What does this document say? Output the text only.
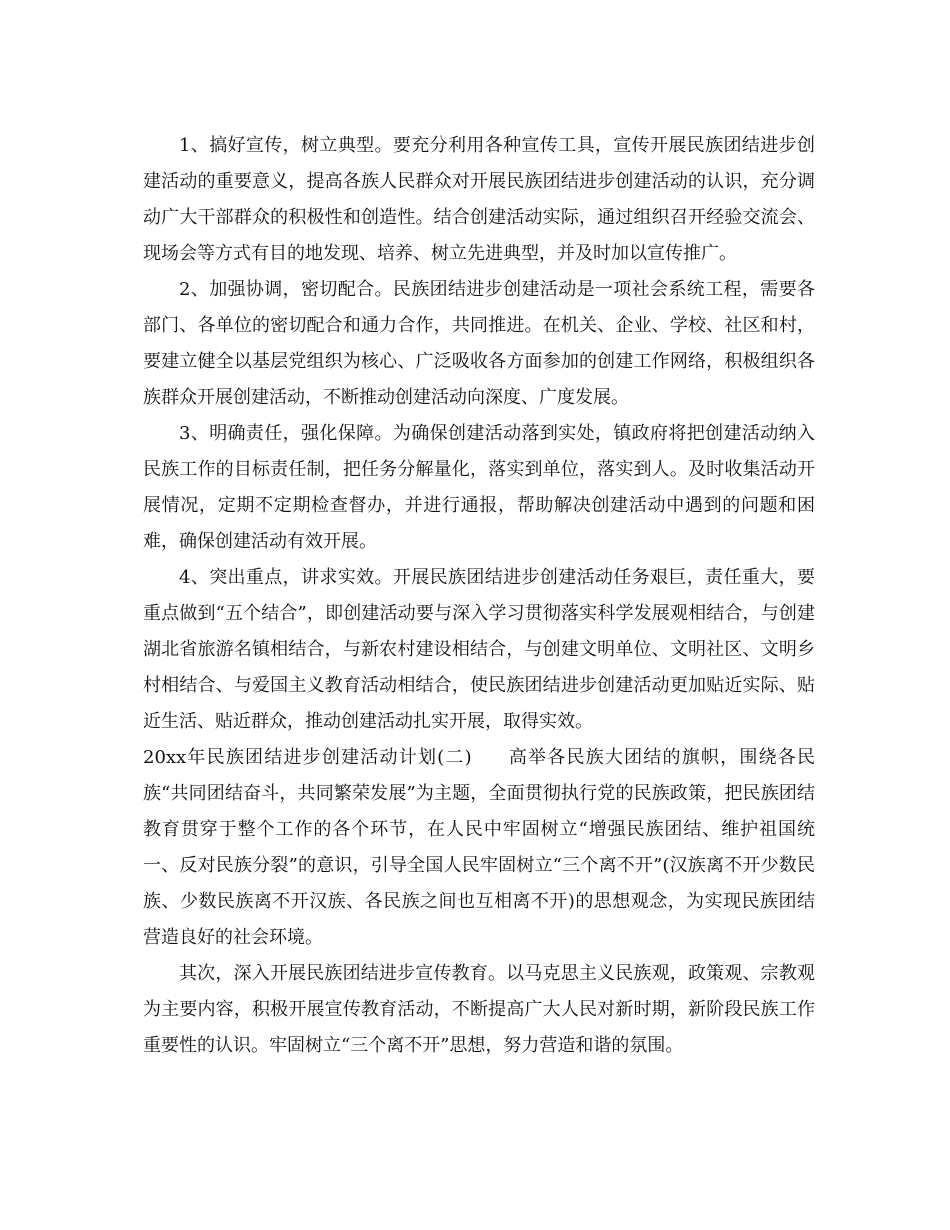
1、搞好宣传，树立典型。要充分利用各种宣传工具，宣传开展民族团结进步创建活动的重要意义，提高各族人民群众对开展民族团结进步创建活动的认识，充分调动广大干部群众的积极性和创造性。结合创建活动实际，通过组织召开经验交流会、现场会等方式有目的地发现、培养、树立先进典型，并及时加以宣传推广。

2、加强协调，密切配合。民族团结进步创建活动是一项社会系统工程，需要各部门、各单位的密切配合和通力合作，共同推进。在机关、企业、学校、社区和村，要建立健全以基层党组织为核心、广泛吸收各方面参加的创建工作网络，积极组织各族群众开展创建活动，不断推动创建活动向深度、广度发展。

3、明确责任，强化保障。为确保创建活动落到实处，镇政府将把创建活动纳入民族工作的目标责任制，把任务分解量化，落实到单位，落实到人。及时收集活动开展情况，定期不定期检查督办，并进行通报，帮助解决创建活动中遇到的问题和困难，确保创建活动有效开展。

4、突出重点，讲求实效。开展民族团结进步创建活动任务艰巨，责任重大，要重点做到“五个结合”，即创建活动要与深入学习贯彻落实科学发展观相结合，与创建湖北省旅游名镇相结合，与新农村建设相结合，与创建文明单位、文明社区、文明乡村相结合、与爱国主义教育活动相结合，使民族团结进步创建活动更加贴近实际、贴近生活、贴近群众，推动创建活动扎实开展，取得实效。

20xx年民族团结进步创建活动计划(二) 高举各民族大团结的旗帜，围绕各民族“共同团结奋斗，共同繁荣发展”为主题，全面贯彻执行党的民族政策，把民族团结教育贯穿于整个工作的各个环节，在人民中牢固树立“增强民族团结、维护祖国统一、反对民族分裂”的意识，引导全国人民牢固树立“三个离不开”(汉族离不开少数民族、少数民族离不开汉族、各民族之间也互相离不开)的思想观念，为实现民族团结营造良好的社会环境。

其次，深入开展民族团结进步宣传教育。以马克思主义民族观，政策观、宗教观为主要内容，积极开展宣传教育活动，不断提高广大人民对新时期，新阶段民族工作重要性的认识。牢固树立“三个离不开”思想，努力营造和谐的氛围。
